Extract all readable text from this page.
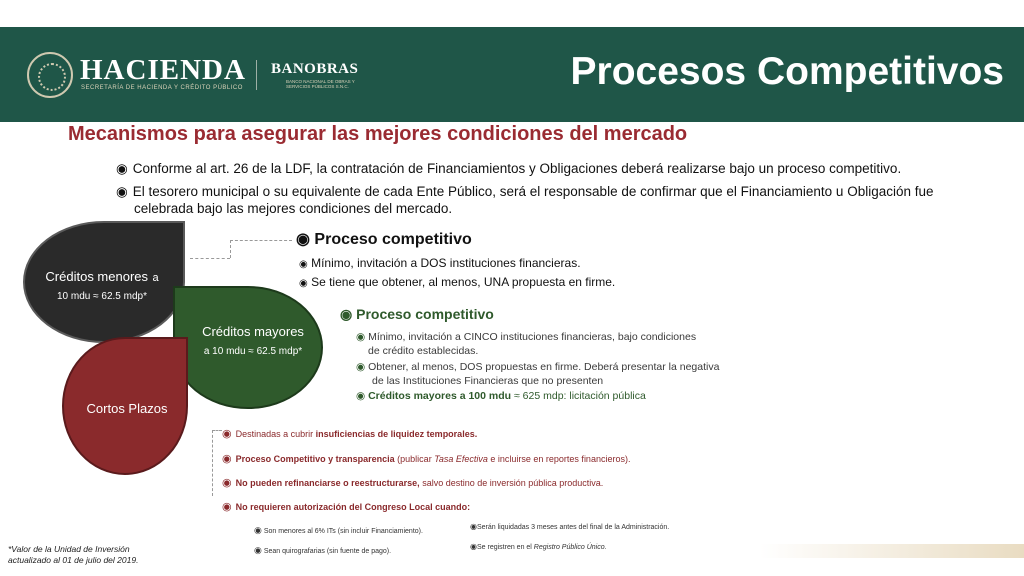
HACIENDA
SECRETARÍA DE HACIENDA Y CRÉDITO PÚBLICO
BANOBRAS
BANCO NACIONAL DE OBRAS Y SERVICIOS PÚBLICOS S.N.C.	Procesos Competitivos
Mecanismos para asegurar las mejores condiciones del mercado
◉ Conforme al art. 26 de la LDF, la contratación de Financiamientos y Obligaciones deberá realizarse bajo un proceso competitivo.
◉ El tesorero municipal o su equivalente de cada Ente Público, será el responsable de confirmar que el Financiamiento u Obligación fue
celebrada bajo las mejores condiciones del mercado.
Créditos menores a
10 mdu ≈ 62.5 mdp*
Créditos mayores
a 10 mdu ≈ 62.5 mdp*
Cortos Plazos
◉ Proceso competitivo
◉ Mínimo, invitación a DOS instituciones financieras.
◉ Se tiene que obtener, al menos, UNA propuesta en firme.
◉ Proceso competitivo
◉ Mínimo, invitación a CINCO instituciones financieras, bajo condiciones
de crédito establecidas.
◉ Obtener, al menos, DOS propuestas en firme. Deberá presentar la negativa
de las Instituciones Financieras que no presenten
◉ Créditos mayores a 100 mdu ≈ 625 mdp: licitación pública
◉ Destinadas a cubrir insuficiencias de liquidez temporales.
◉ Proceso Competitivo y transparencia (publicar Tasa Efectiva e incluirse en reportes financieros).
◉ No pueden refinanciarse o reestructurarse, salvo destino de inversión pública productiva.
◉ No requieren autorización del Congreso Local cuando:
◉ Son menores al 6% ITs (sin incluir Financiamiento).
◉ Sean quirografarias (sin fuente de pago).
◉Serán liquidadas 3 meses antes del final de la Administración.
◉Se registren en el Registro Público Único.
*Valor de la Unidad de Inversión
actualizado al 01 de julio del 2019.
